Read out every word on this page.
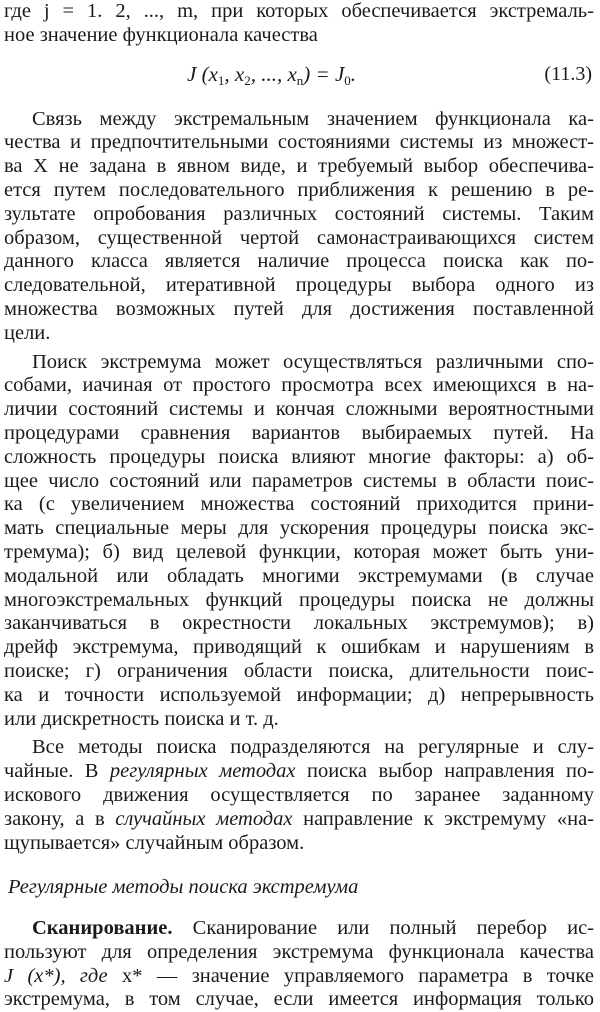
где j = 1. 2, ..., m, при которых обеспечивается экстремаль-
ное значение функционала качества
J ($x_1$, $x_2$, ..., $x_n) = J_0$.	(11.3)
Связь между экстремальным значением функционала ка-
чества и предпочтительными состояниями системы из множест-
ва X не задана в явном виде, и требуемый выбор обеспечива-
ется путем последовательного приближения к решению в ре-
зультате опробования различных состояний системы. Таким
образом, существенной чертой самонастраивающихся систем
данного класса является наличие процесса поиска как по-
следовательной, итеративной процедуры выбора одного из
множества возможных путей для достижения поставленной
цели.
Поиск экстремума может осуществляться различными спо-
собами, иачиная от простого просмотра всех имеющихся в на-
личии состояний системы и кончая сложными вероятностными
процедурами сравнения вариантов выбираемых путей. На
сложность процедуры поиска влияют многие факторы: а) об-
щее число состояний или параметров системы в области поис-
ка (с увеличением множества состояний приходится прини-
мать специальные меры для ускорения процедуры поиска экс-
тремума); б) вид целевой функции, которая может быть уни-
модальной или обладать многими экстремумами (в случае
многоэкстремальных функций процедуры поиска не должны
заканчиваться в окрестности локальных экстремумов); в)
дрейф экстремума, приводящий к ошибкам и нарушениям в
поиске; г) ограничения области поиска, длительности поис-
ка и точности используемой информации; д) непрерывность
или дискретность поиска и т. д.
Все методы поиска подразделяются на регулярные и слу-
чайные. В регулярных методах поиска выбор направления по-
искового движения осуществляется по заранее заданному
закону, а в случайных методах направление к экстремуму «на-
щупывается» случайным образом.
Регулярные методы поиска экстремума
Сканирование. Сканирование или полный перебор ис-
пользуют для определения экстремума функционала качества
J (x*), где x* — значение управляемого параметра в точке
экстремума, в том случае, если имеется информация только
